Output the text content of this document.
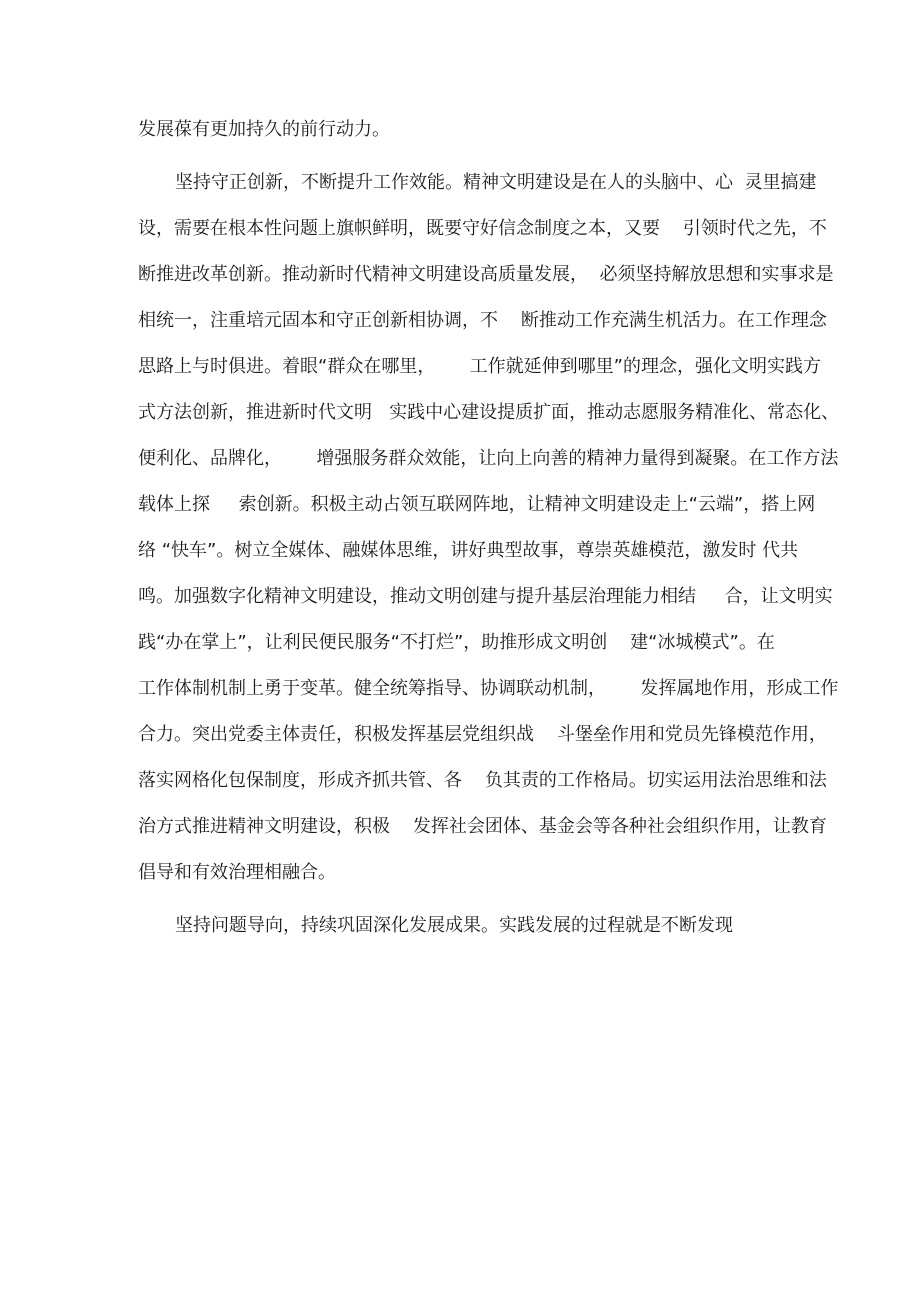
发展葆有更加持久的前行动力。
坚持守正创新，不断提升工作效能。精神文明建设是在人的头脑中、心  灵里搞建
设，需要在根本性问题上旗帜鲜明，既要守好信念制度之本，又要    引领时代之先，不
断推进改革创新。推动新时代精神文明建设高质量发展，  必须坚持解放思想和实事求是
相统一，注重培元固本和守正创新相协调，不    断推动工作充满生机活力。在工作理念
思路上与时俱进。着眼“群众在哪里，      工作就延伸到哪里”的理念，强化文明实践方
式方法创新，推进新时代文明   实践中心建设提质扩面，推动志愿服务精准化、常态化、
便利化、品牌化，      增强服务群众效能，让向上向善的精神力量得到凝聚。在工作方法
载体上探     索创新。积极主动占领互联网阵地，让精神文明建设走上“云端”，搭上网
络 “快车”。树立全媒体、融媒体思维，讲好典型故事，尊崇英雄模范，激发时 代共
鸣。加强数字化精神文明建设，推动文明创建与提升基层治理能力相结     合，让文明实
践“办在掌上”，让利民便民服务“不打烂”，助推形成文明创    建“冰城模式”。在
工作体制机制上勇于变革。健全统筹指导、协调联动机制，      发挥属地作用，形成工作
合力。突出党委主体责任，积极发挥基层党组织战    斗堡垒作用和党员先锋模范作用，
落实网格化包保制度，形成齐抓共管、各    负其责的工作格局。切实运用法治思维和法
治方式推进精神文明建设，积极    发挥社会团体、基金会等各种社会组织作用，让教育
倡导和有效治理相融合。
坚持问题导向，持续巩固深化发展成果。实践发展的过程就是不断发现
